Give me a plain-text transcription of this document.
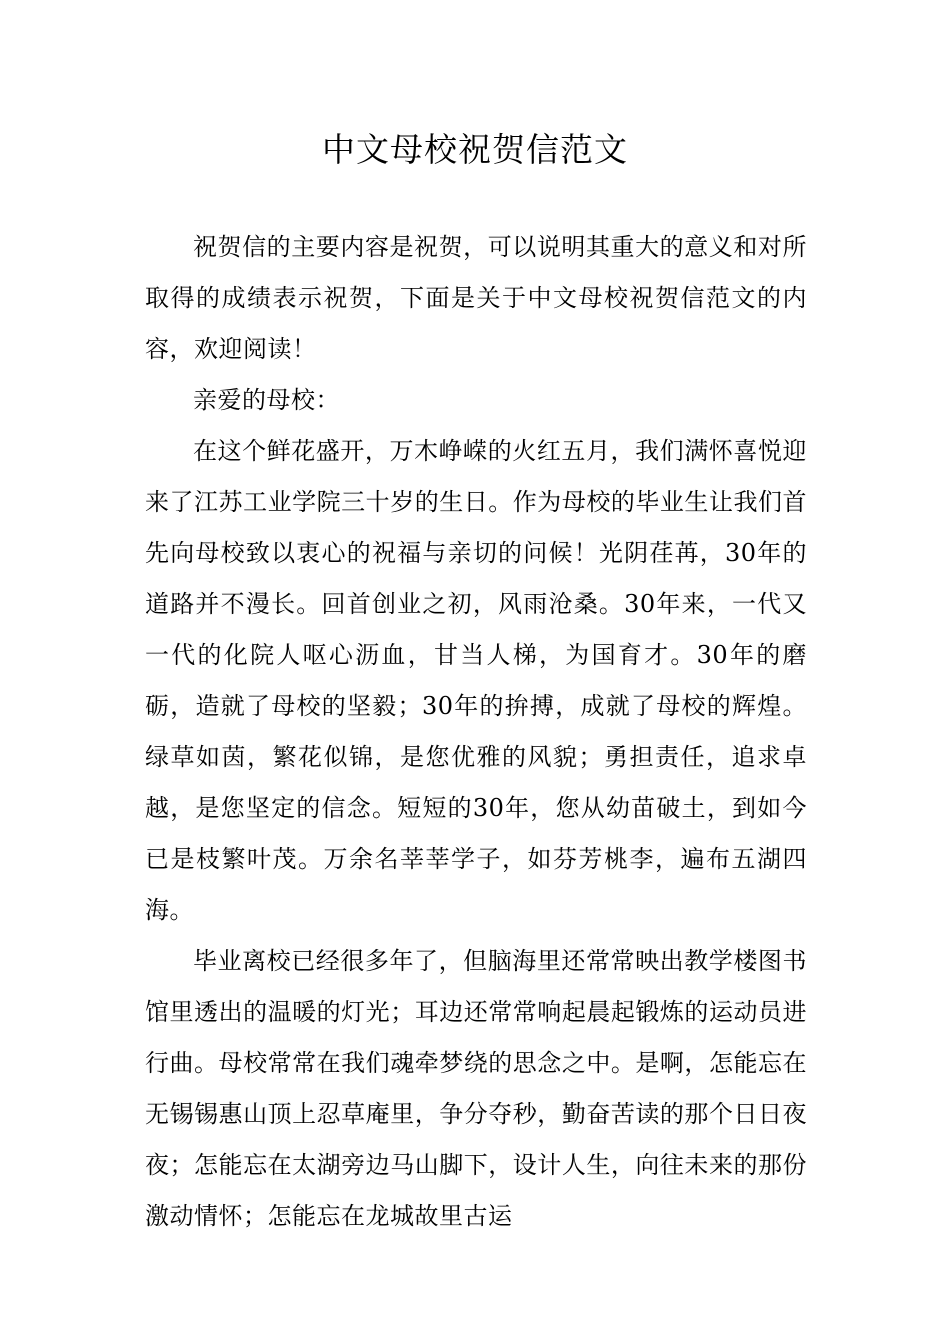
中文母校祝贺信范文

祝贺信的主要内容是祝贺，可以说明其重大的意义和对所取得的成绩表示祝贺，下面是关于中文母校祝贺信范文的内容，欢迎阅读！

亲爱的母校：

在这个鲜花盛开，万木峥嵘的火红五月，我们满怀喜悦迎来了江苏工业学院三十岁的生日。作为母校的毕业生让我们首先向母校致以衷心的祝福与亲切的问候！光阴荏苒，30年的道路并不漫长。回首创业之初，风雨沧桑。30年来，一代又一代的化院人呕心沥血，甘当人梯，为国育才。30年的磨砺，造就了母校的坚毅；30年的拚搏，成就了母校的辉煌。绿草如茵，繁花似锦，是您优雅的风貌；勇担责任，追求卓越，是您坚定的信念。短短的30年，您从幼苗破土，到如今已是枝繁叶茂。万余名莘莘学子，如芬芳桃李，遍布五湖四海。

毕业离校已经很多年了，但脑海里还常常映出教学楼图书馆里透出的温暖的灯光；耳边还常常响起晨起锻炼的运动员进行曲。母校常常在我们魂牵梦绕的思念之中。是啊，怎能忘在无锡锡惠山顶上忍草庵里，争分夺秒，勤奋苦读的那个日日夜夜；怎能忘在太湖旁边马山脚下，设计人生，向往未来的那份激动情怀；怎能忘在龙城故里古运
